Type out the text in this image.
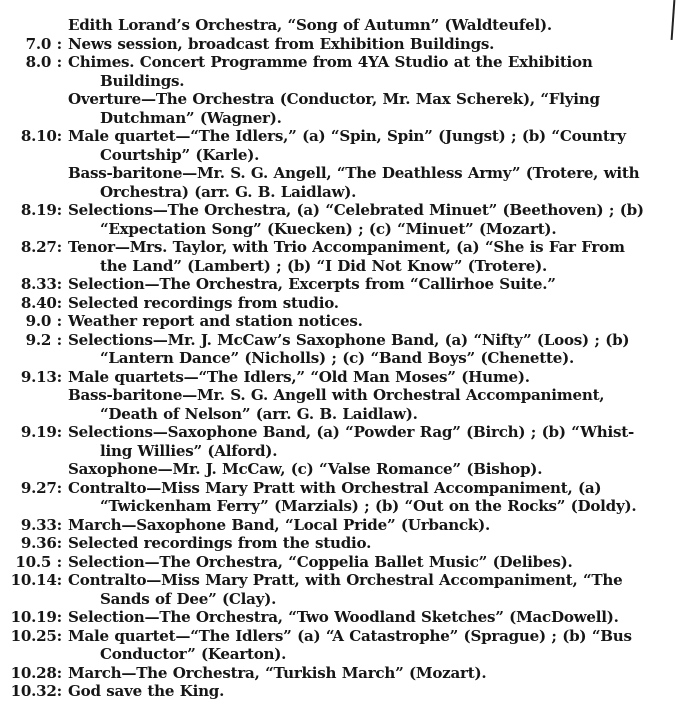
Edith Lorand’s Orchestra, “Song of Autumn” (Waldteufel).
7.0 : News session, broadcast from Exhibition Buildings.
8.0 : Chimes. Concert Programme from 4YA Studio at the Exhibition
Buildings.
Overture—The Orchestra (Conductor, Mr. Max Scherek), “Flying
Dutchman” (Wagner).
8.10: Male quartet—“The Idlers,” (a) “Spin, Spin” (Jungst) ; (b) “Country
Courtship” (Karle).
Bass-baritone—Mr. S. G. Angell, “The Deathless Army” (Trotere, with
Orchestra) (arr. G. B. Laidlaw).
8.19: Selections—The Orchestra, (a) “Celebrated Minuet” (Beethoven) ; (b)
“Expectation Song” (Kuecken) ; (c) “Minuet” (Mozart).
8.27: Tenor—Mrs. Taylor, with Trio Accompaniment, (a) “She is Far From
the Land” (Lambert) ; (b) “I Did Not Know” (Trotere).
8.33: Selection—The Orchestra, Excerpts from “Callirhoe Suite.”
8.40: Selected recordings from studio.
9.0 : Weather report and station notices.
9.2 : Selections—Mr. J. McCaw’s Saxophone Band, (a) “Nifty” (Loos) ; (b)
“Lantern Dance” (Nicholls) ; (c) “Band Boys” (Chenette).
9.13: Male quartets—“The Idlers,” “Old Man Moses” (Hume).
Bass-baritone—Mr. S. G. Angell with Orchestral Accompaniment,
“Death of Nelson” (arr. G. B. Laidlaw).
9.19: Selections—Saxophone Band, (a) “Powder Rag” (Birch) ; (b) “Whist-
ling Willies” (Alford).
Saxophone—Mr. J. McCaw, (c) “Valse Romance” (Bishop).
9.27: Contralto—Miss Mary Pratt with Orchestral Accompaniment, (a)
“Twickenham Ferry” (Marzials) ; (b) “Out on the Rocks” (Doldy).
9.33: March—Saxophone Band, “Local Pride” (Urbanck).
9.36: Selected recordings from the studio.
10.5 : Selection—The Orchestra, “Coppelia Ballet Music” (Delibes).
10.14: Contralto—Miss Mary Pratt, with Orchestral Accompaniment, “The
Sands of Dee” (Clay).
10.19: Selection—The Orchestra, “Two Woodland Sketches” (MacDowell).
10.25: Male quartet—“The Idlers” (a) “A Catastrophe” (Sprague) ; (b) “Bus
Conductor” (Kearton).
10.28: March—The Orchestra, “Turkish March” (Mozart).
10.32: God save the King.
